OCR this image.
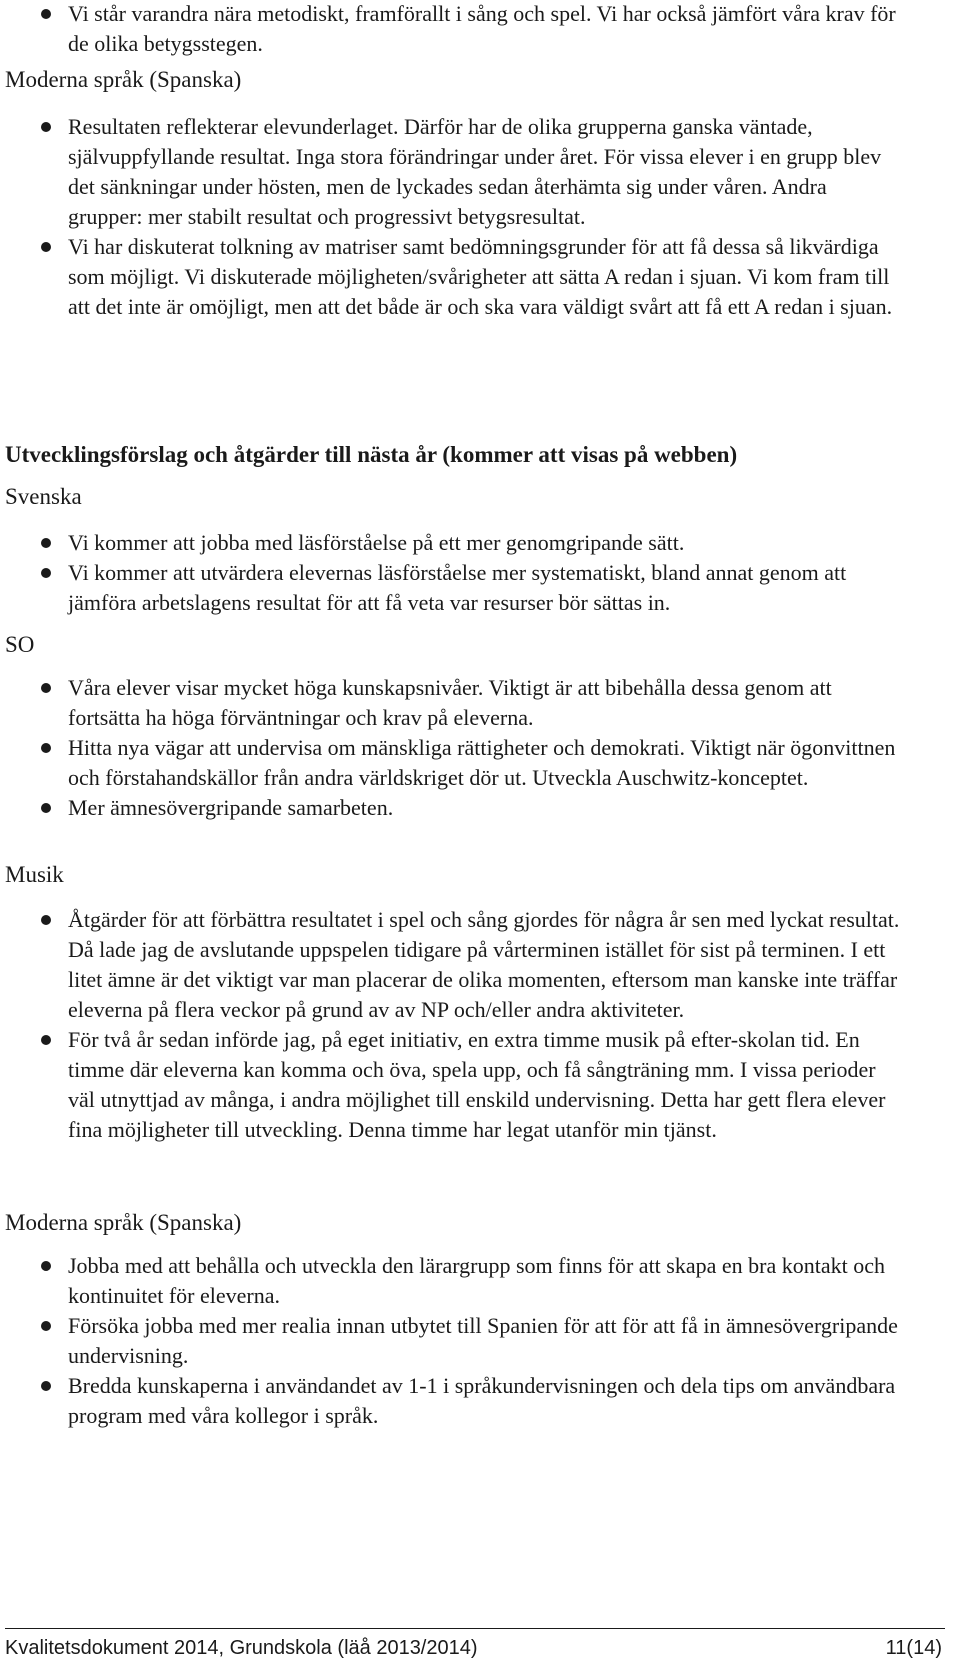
Vi står varandra nära metodiskt, framförallt i sång och spel. Vi har också jämfört våra krav för de olika betygsstegen.
Moderna språk (Spanska)
Resultaten reflekterar elevunderlaget. Därför har de olika grupperna ganska väntade, självuppfyllande resultat. Inga stora förändringar under året. För vissa elever i en grupp blev det sänkningar under hösten, men de lyckades sedan återhämta sig under våren. Andra grupper: mer stabilt resultat och progressivt betygsresultat.
Vi har diskuterat tolkning av matriser samt bedömningsgrunder för att få dessa så likvärdiga som möjligt. Vi diskuterade möjligheten/svårigheter att sätta A redan i sjuan. Vi kom fram till att det inte är omöjligt, men att det både är och ska vara väldigt svårt att få ett A redan i sjuan.
Utvecklingsförslag och åtgärder till nästa år (kommer att visas på webben)
Svenska
Vi kommer att jobba med läsförståelse på ett mer genomgripande sätt.
Vi kommer att utvärdera elevernas läsförståelse mer systematiskt, bland annat genom att jämföra arbetslagens resultat för att få veta var resurser bör sättas in.
SO
Våra elever visar mycket höga kunskapsnivåer. Viktigt är att bibehålla dessa genom att fortsätta ha höga förväntningar och krav på eleverna.
Hitta nya vägar att undervisa om mänskliga rättigheter och demokrati. Viktigt när ögonvittnen och förstahandskällor från andra världskriget dör ut. Utveckla Auschwitz-konceptet.
Mer ämnesövergripande samarbeten.
Musik
Åtgärder för att förbättra resultatet i spel och sång gjordes för några år sen med lyckat resultat. Då lade jag de avslutande uppspelen tidigare på vårterminen istället för sist på terminen. I ett litet ämne är det viktigt var man placerar de olika momenten, eftersom man kanske inte träffar eleverna på flera veckor på grund av av NP och/eller andra aktiviteter.
För två år sedan införde jag, på eget initiativ, en extra timme musik på efter-skolan tid. En timme där eleverna kan komma och öva, spela upp, och få sångträning mm. I vissa perioder väl utnyttjad av många, i andra möjlighet till enskild undervisning. Detta har gett flera elever fina möjligheter till utveckling. Denna timme har legat utanför min tjänst.
Moderna språk (Spanska)
Jobba med att behålla och utveckla den lärargrupp som finns för att skapa en bra kontakt och kontinuitet för eleverna.
Försöka jobba med mer realia innan utbytet till Spanien för att för att få in ämnesövergripande undervisning.
Bredda kunskaperna i användandet av 1-1 i språkundervisningen och dela tips om användbara program med våra kollegor i språk.
Kvalitetsdokument 2014, Grundskola (läå 2013/2014)	11(14)
